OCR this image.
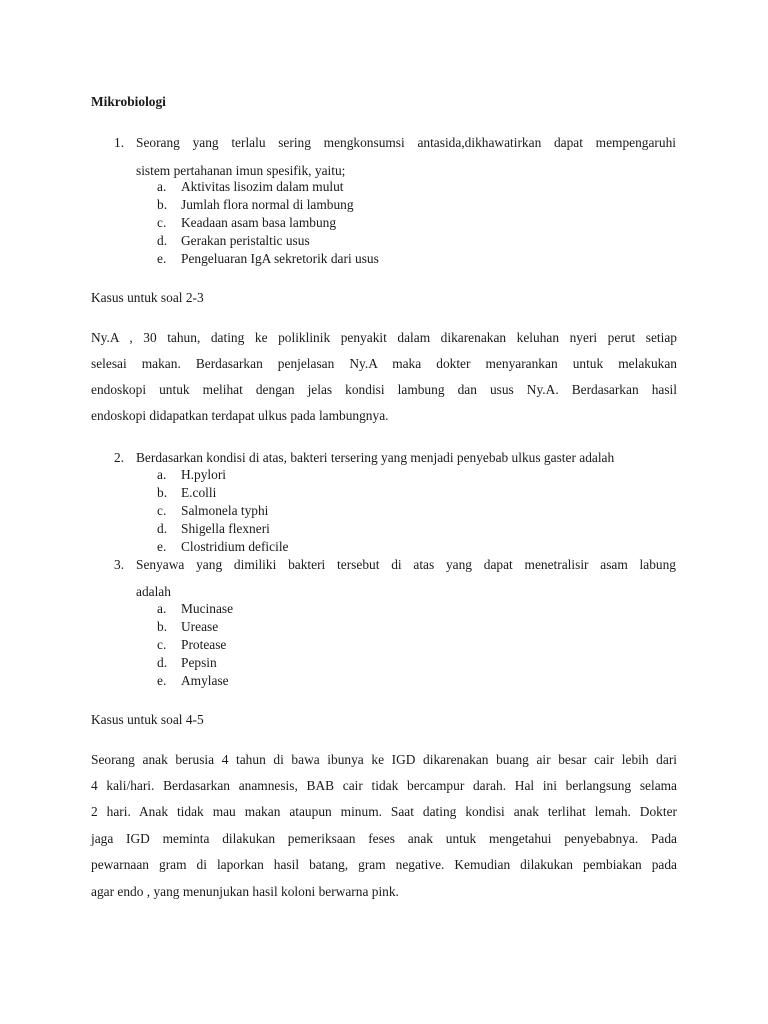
Mikrobiologi
1. Seorang yang terlalu sering mengkonsumsi antasida,dikhawatirkan dapat mempengaruhi
sistem pertahanan imun spesifik, yaitu;
a. Aktivitas lisozim dalam mulut
b. Jumlah flora normal di lambung
c. Keadaan asam basa lambung
d. Gerakan peristaltic usus
e. Pengeluaran IgA sekretorik dari usus
Kasus untuk soal 2-3
Ny.A , 30 tahun, dating ke poliklinik penyakit dalam dikarenakan keluhan nyeri perut setiap
selesai makan. Berdasarkan penjelasan Ny.A maka dokter menyarankan untuk melakukan
endoskopi untuk melihat dengan jelas kondisi lambung dan usus Ny.A. Berdasarkan hasil
endoskopi didapatkan terdapat ulkus pada lambungnya.
2. Berdasarkan kondisi di atas, bakteri tersering yang menjadi penyebab ulkus gaster adalah
a. H.pylori
b. E.colli
c. Salmonela typhi
d. Shigella flexneri
e. Clostridium deficile
3. Senyawa yang dimiliki bakteri tersebut di atas yang dapat menetralisir asam labung
adalah
a. Mucinase
b. Urease
c. Protease
d. Pepsin
e. Amylase
Kasus untuk soal 4-5
Seorang anak berusia 4 tahun di bawa ibunya ke IGD dikarenakan buang air besar cair lebih dari
4 kali/hari. Berdasarkan anamnesis, BAB cair tidak bercampur darah. Hal ini berlangsung selama
2 hari. Anak tidak mau makan ataupun minum. Saat dating kondisi anak terlihat lemah. Dokter
jaga IGD meminta dilakukan pemeriksaan feses anak untuk mengetahui penyebabnya. Pada
pewarnaan gram di laporkan hasil batang, gram negative. Kemudian dilakukan pembiakan pada
agar endo , yang menunjukan hasil koloni berwarna pink.
